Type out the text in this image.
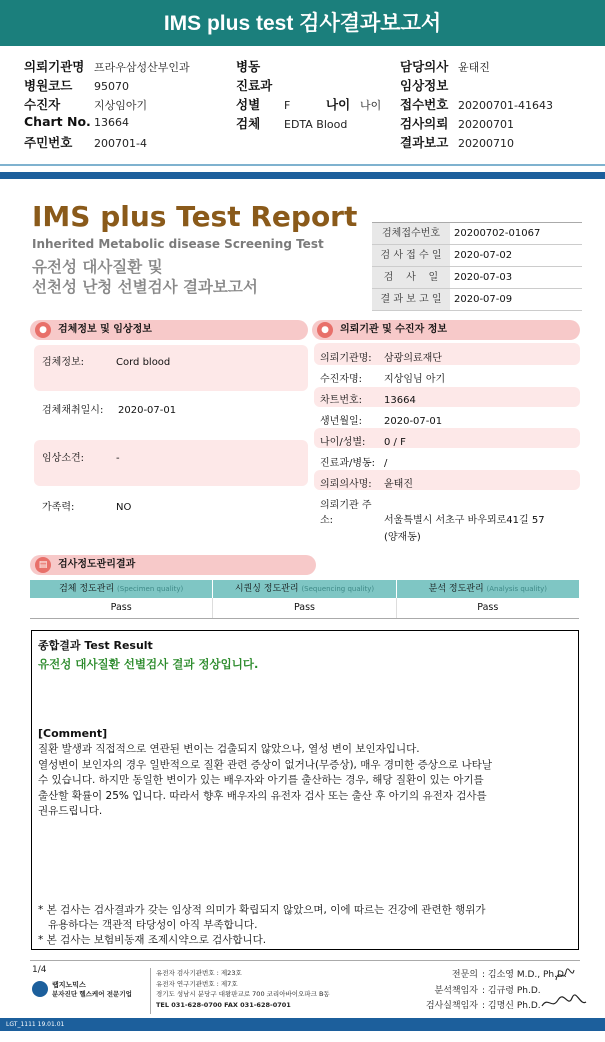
IMS plus test 검사결과보고서
의뢰기관명 프라우삼성산부인과
병원코드 95070
수진자	지상임아기
Chart No. 13664
주민번호 200701-4
병동
진료과
성별 F
검체 EDTA Blood
나이 나이
담당의사 윤태진
임상정보
접수번호 20200701-41643
검사의뢰 20200701
결과보고 20200710
IMS plus Test Report
Inherited Metabolic disease Screening Test
유전성 대사질환 및
선천성 난청 선별검사 결과보고서
검체접수번호	20200702-01067
검 사 접 수 일	2020-07-02
검    사    일	2020-07-03
결 과 보 고 일	2020-07-09
●	검체정보 및 임상정보
검체정보:	Cord blood
검체채취일시: 2020-07-01
임상소견:	-
가족력:	NO
●	의뢰기관 및 수진자 정보
의뢰기관명: 삼광의료재단
수진자명: 지상임님 아기
차트번호: 13664
생년월일: 2020-07-01
나이/성별: 0 / F
진료과/병동: /
의뢰의사명: 윤태진
의뢰기관 주소:	서울특별시 서초구 바우뫼로41길 57
(양재동)
▤	검사정도관리결과
검체 정도관리 (Specimen quality)	시퀀싱 정도관리 (Sequencing quality)	분석 정도관리 (Analysis quality)
Pass	Pass	Pass
종합결과 Test Result
유전성 대사질환 선별검사 결과 정상입니다.
[Comment]
질환 발생과 직접적으로 연관된 변이는 검출되지 않았으나, 열성 변이 보인자입니다.
열성변이 보인자의 경우 일반적으로 질환 관련 증상이 없거나(무증상), 매우 경미한 증상으로 나타날
수 있습니다. 하지만 동일한 변이가 있는 배우자와 아기를 출산하는 경우, 해당 질환이 있는 아기를
출산할 확률이 25% 입니다. 따라서 향후 배우자의 유전자 검사 또는 출산 후 아기의 유전자 검사를
권유드립니다.
* 본 검사는 검사결과가 갖는 임상적 의미가 확립되지 않았으며, 이에 따르는 건강에 관련한 행위가
유용하다는 객관적 타당성이 아직 부족합니다.
* 본 검사는 보험비동재 조제시약으로 검사합니다.
1/4
랩지노믹스
분자진단 헬스케어 전문기업
유전자 검사기관번호 : 제23호
유전자 연구기관번호 : 제7호
경기도 성남시 분당구 대왕판교로 700 코리아바이오파크 B동
TEL 031-628-0700 FAX 031-628-0701
전문의 : 김소영 M.D., Ph.D.
분석책임자 : 김규령 Ph.D.
검사실책임자 : 김명신 Ph.D.
LGT_1111 19.01.01
